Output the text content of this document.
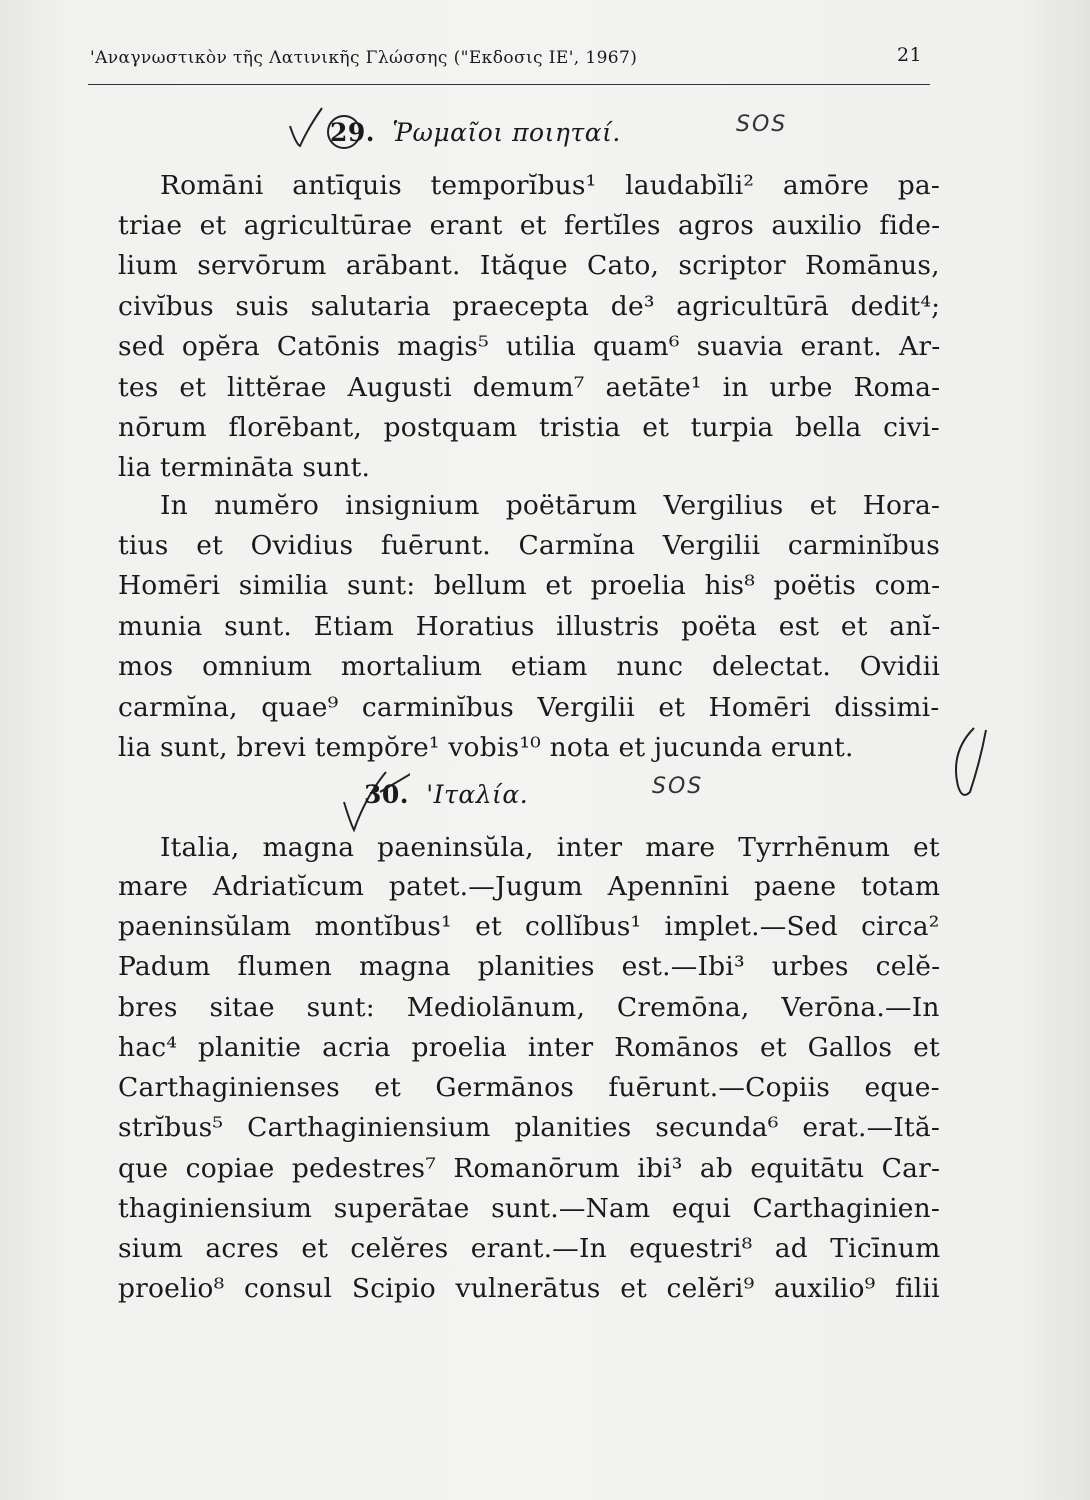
'Αναγνωστικὸν τῆς Λατινικῆς Γλώσσης ("Εκδοσις ΙΕ', 1967)	21
29. Ῥωμαῖοι ποιηταί.	SOS
Romāni antīquis temporĭbus¹ laudabĭli² amōre pa-
triae et agricultūrae erant et fertĭles agros auxilio fide-
lium servōrum arābant. Ităque Cato, scriptor Romānus,
civĭbus suis salutaria praecepta de³ agricultūrā dedit⁴;
sed opĕra Catōnis magis⁵ utilia quam⁶ suavia erant. Ar-
tes et littĕrae Augusti demum⁷ aetāte¹ in urbe Roma-
nōrum florēbant, postquam tristia et turpia bella civi-
lia termināta sunt.
In numĕro insignium poëtārum Vergilius et Hora-
tius et Ovidius fuērunt. Carmĭna Vergilii carminĭbus
Homēri similia sunt: bellum et proelia his⁸ poëtis com-
munia sunt. Etiam Horatius illustris poëta est et anĭ-
mos omnium mortalium etiam nunc delectat. Ovidii
carmĭna, quae⁹ carminĭbus Vergilii et Homēri dissimi-
lia sunt, brevi tempŏre¹ vobis¹⁰ nota et jucunda erunt.
30. 'Ιταλία.	SOS
Italia, magna paeninsŭla, inter mare Tyrrhēnum et
mare Adriatĭcum patet.—Jugum Apennīni paene totam
paeninsŭlam montĭbus¹ et collĭbus¹ implet.—Sed circa²
Padum flumen magna planities est.—Ibi³ urbes celĕ-
bres sitae sunt: Mediolānum, Cremōna, Verōna.—In
hac⁴ planitie acria proelia inter Romānos et Gallos et
Carthaginienses et Germānos fuērunt.—Copiis eque-
strĭbus⁵ Carthaginiensium planities secunda⁶ erat.—Ită-
que copiae pedestres⁷ Romanōrum ibi³ ab equitātu Car-
thaginiensium superātae sunt.—Nam equi Carthaginien-
sium acres et celĕres erant.—In equestri⁸ ad Ticīnum
proelio⁸ consul Scipio vulnerātus et celĕri⁹ auxilio⁹ filii
